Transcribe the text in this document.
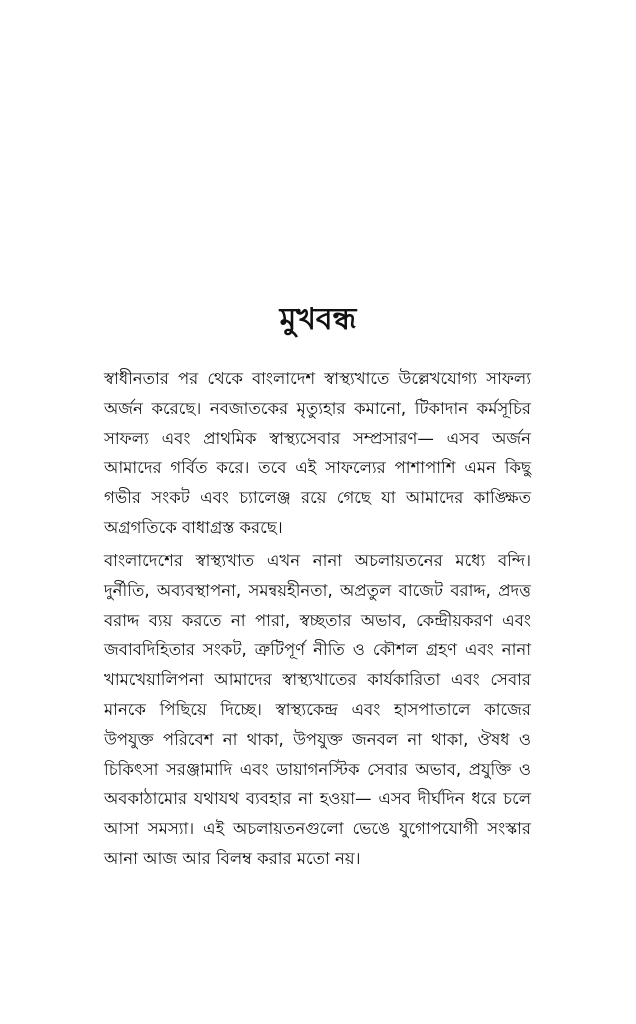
মুখবন্ধ

স্বাধীনতার পর থেকে বাংলাদেশ স্বাস্থ্যখাতে উল্লেখযোগ্য সাফল্য অর্জন করেছে। নবজাতকের মৃত্যুহার কমানো, টিকাদান কর্মসূচির সাফল্য এবং প্রাথমিক স্বাস্থ্যসেবার সম্প্রসারণ— এসব অর্জন আমাদের গর্বিত করে। তবে এই সাফল্যের পাশাপাশি এমন কিছু গভীর সংকট এবং চ্যালেঞ্জ রয়ে গেছে যা আমাদের কাঙ্ক্ষিত অগ্রগতিকে বাধাগ্রস্ত করছে।

বাংলাদেশের স্বাস্থ্যখাত এখন নানা অচলায়তনের মধ্যে বন্দি। দুর্নীতি, অব্যবস্থাপনা, সমন্বয়হীনতা, অপ্রতুল বাজেট বরাদ্দ, প্রদত্ত বরাদ্দ ব্যয় করতে না পারা, স্বচ্ছতার অভাব, কেন্দ্রীয়করণ এবং জবাবদিহিতার সংকট, ত্রুটিপূর্ণ নীতি ও কৌশল গ্রহণ এবং নানা খামখেয়ালিপনা আমাদের স্বাস্থ্যখাতের কার্যকারিতা এবং সেবার মানকে পিছিয়ে দিচ্ছে। স্বাস্থ্যকেন্দ্র এবং হাসপাতালে কাজের উপযুক্ত পরিবেশ না থাকা, উপযুক্ত জনবল না থাকা, ঔষধ ও চিকিৎসা সরঞ্জামাদি এবং ডায়াগনস্টিক সেবার অভাব, প্রযুক্তি ও অবকাঠামোর যথাযথ ব্যবহার না হওয়া— এসব দীর্ঘদিন ধরে চলে আসা সমস্যা। এই অচলায়তনগুলো ভেঙে যুগোপযোগী সংস্কার আনা আজ আর বিলম্ব করার মতো নয়।
